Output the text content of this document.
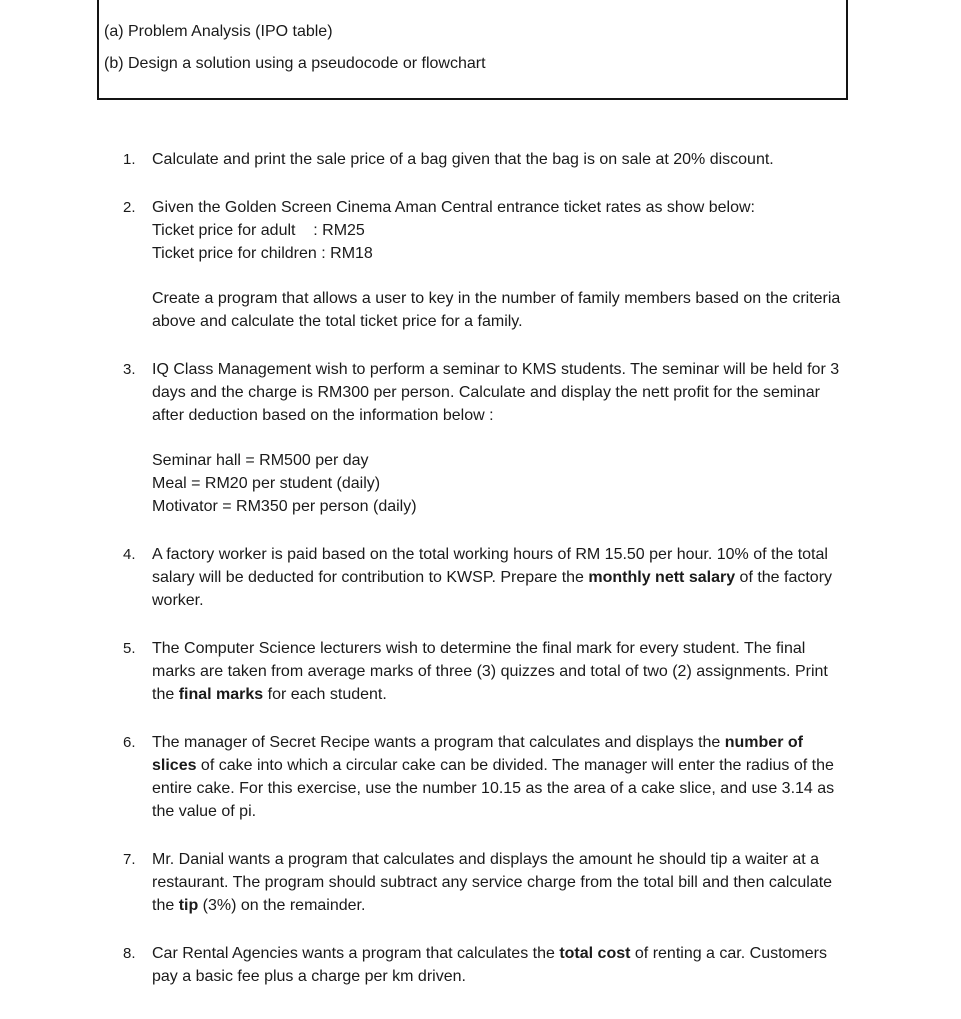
(a) Problem Analysis (IPO table)

(b) Design a solution using a pseudocode or flowchart

1.	Calculate and print the sale price of a bag given that the bag is on sale at 20% discount.

2.	Given the Golden Screen Cinema Aman Central entrance ticket rates as show below:

Ticket price for adult    : RM25

Ticket price for children : RM18

Create a program that allows a user to key in the number of family members based on the criteria above and calculate the total ticket price for a family.

3.	IQ Class Management wish to perform a seminar to KMS students. The seminar will be held for 3 days and the charge is RM300 per person. Calculate and display the nett profit for the seminar after deduction based on the information below :

Seminar hall = RM500 per day

Meal = RM20 per student (daily)

Motivator = RM350 per person (daily)

4.	A factory worker is paid based on the total working hours of RM 15.50 per hour. 10% of the total salary will be deducted for contribution to KWSP. Prepare the monthly nett salary of the factory worker.

5.	The Computer Science lecturers wish to determine the final mark for every student. The final marks are taken from average marks of three (3) quizzes and total of two (2) assignments. Print the final marks for each student.

6.	The manager of Secret Recipe wants a program that calculates and displays the number of slices of cake into which a circular cake can be divided. The manager will enter the radius of the entire cake. For this exercise, use the number 10.15 as the area of a cake slice, and use 3.14 as the value of pi.

7.	Mr. Danial wants a program that calculates and displays the amount he should tip a waiter at a restaurant. The program should subtract any service charge from the total bill and then calculate the tip (3%) on the remainder.

8.	Car Rental Agencies wants a program that calculates the total cost of renting a car. Customers pay a basic fee plus a charge per km driven.
